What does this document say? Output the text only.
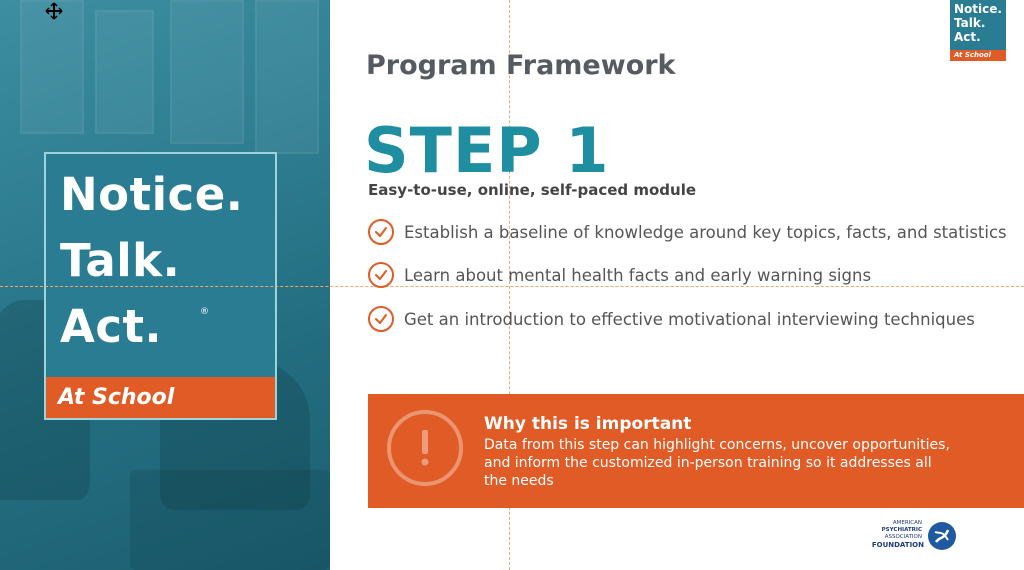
Notice.
Talk.
Act.	®
At School
Notice.
Talk.
Act.
At School
Program Framework
STEP 1
Easy-to-use, online, self-paced module
Establish a baseline of knowledge around key topics, facts, and statistics
Learn about mental health facts and early warning signs
Get an introduction to effective motivational interviewing techniques
Why this is important
Data from this step can highlight concerns, uncover opportunities, and inform the customized in-person training so it addresses all the needs
AMERICAN
PSYCHIATRIC
ASSOCIATION
FOUNDATION
